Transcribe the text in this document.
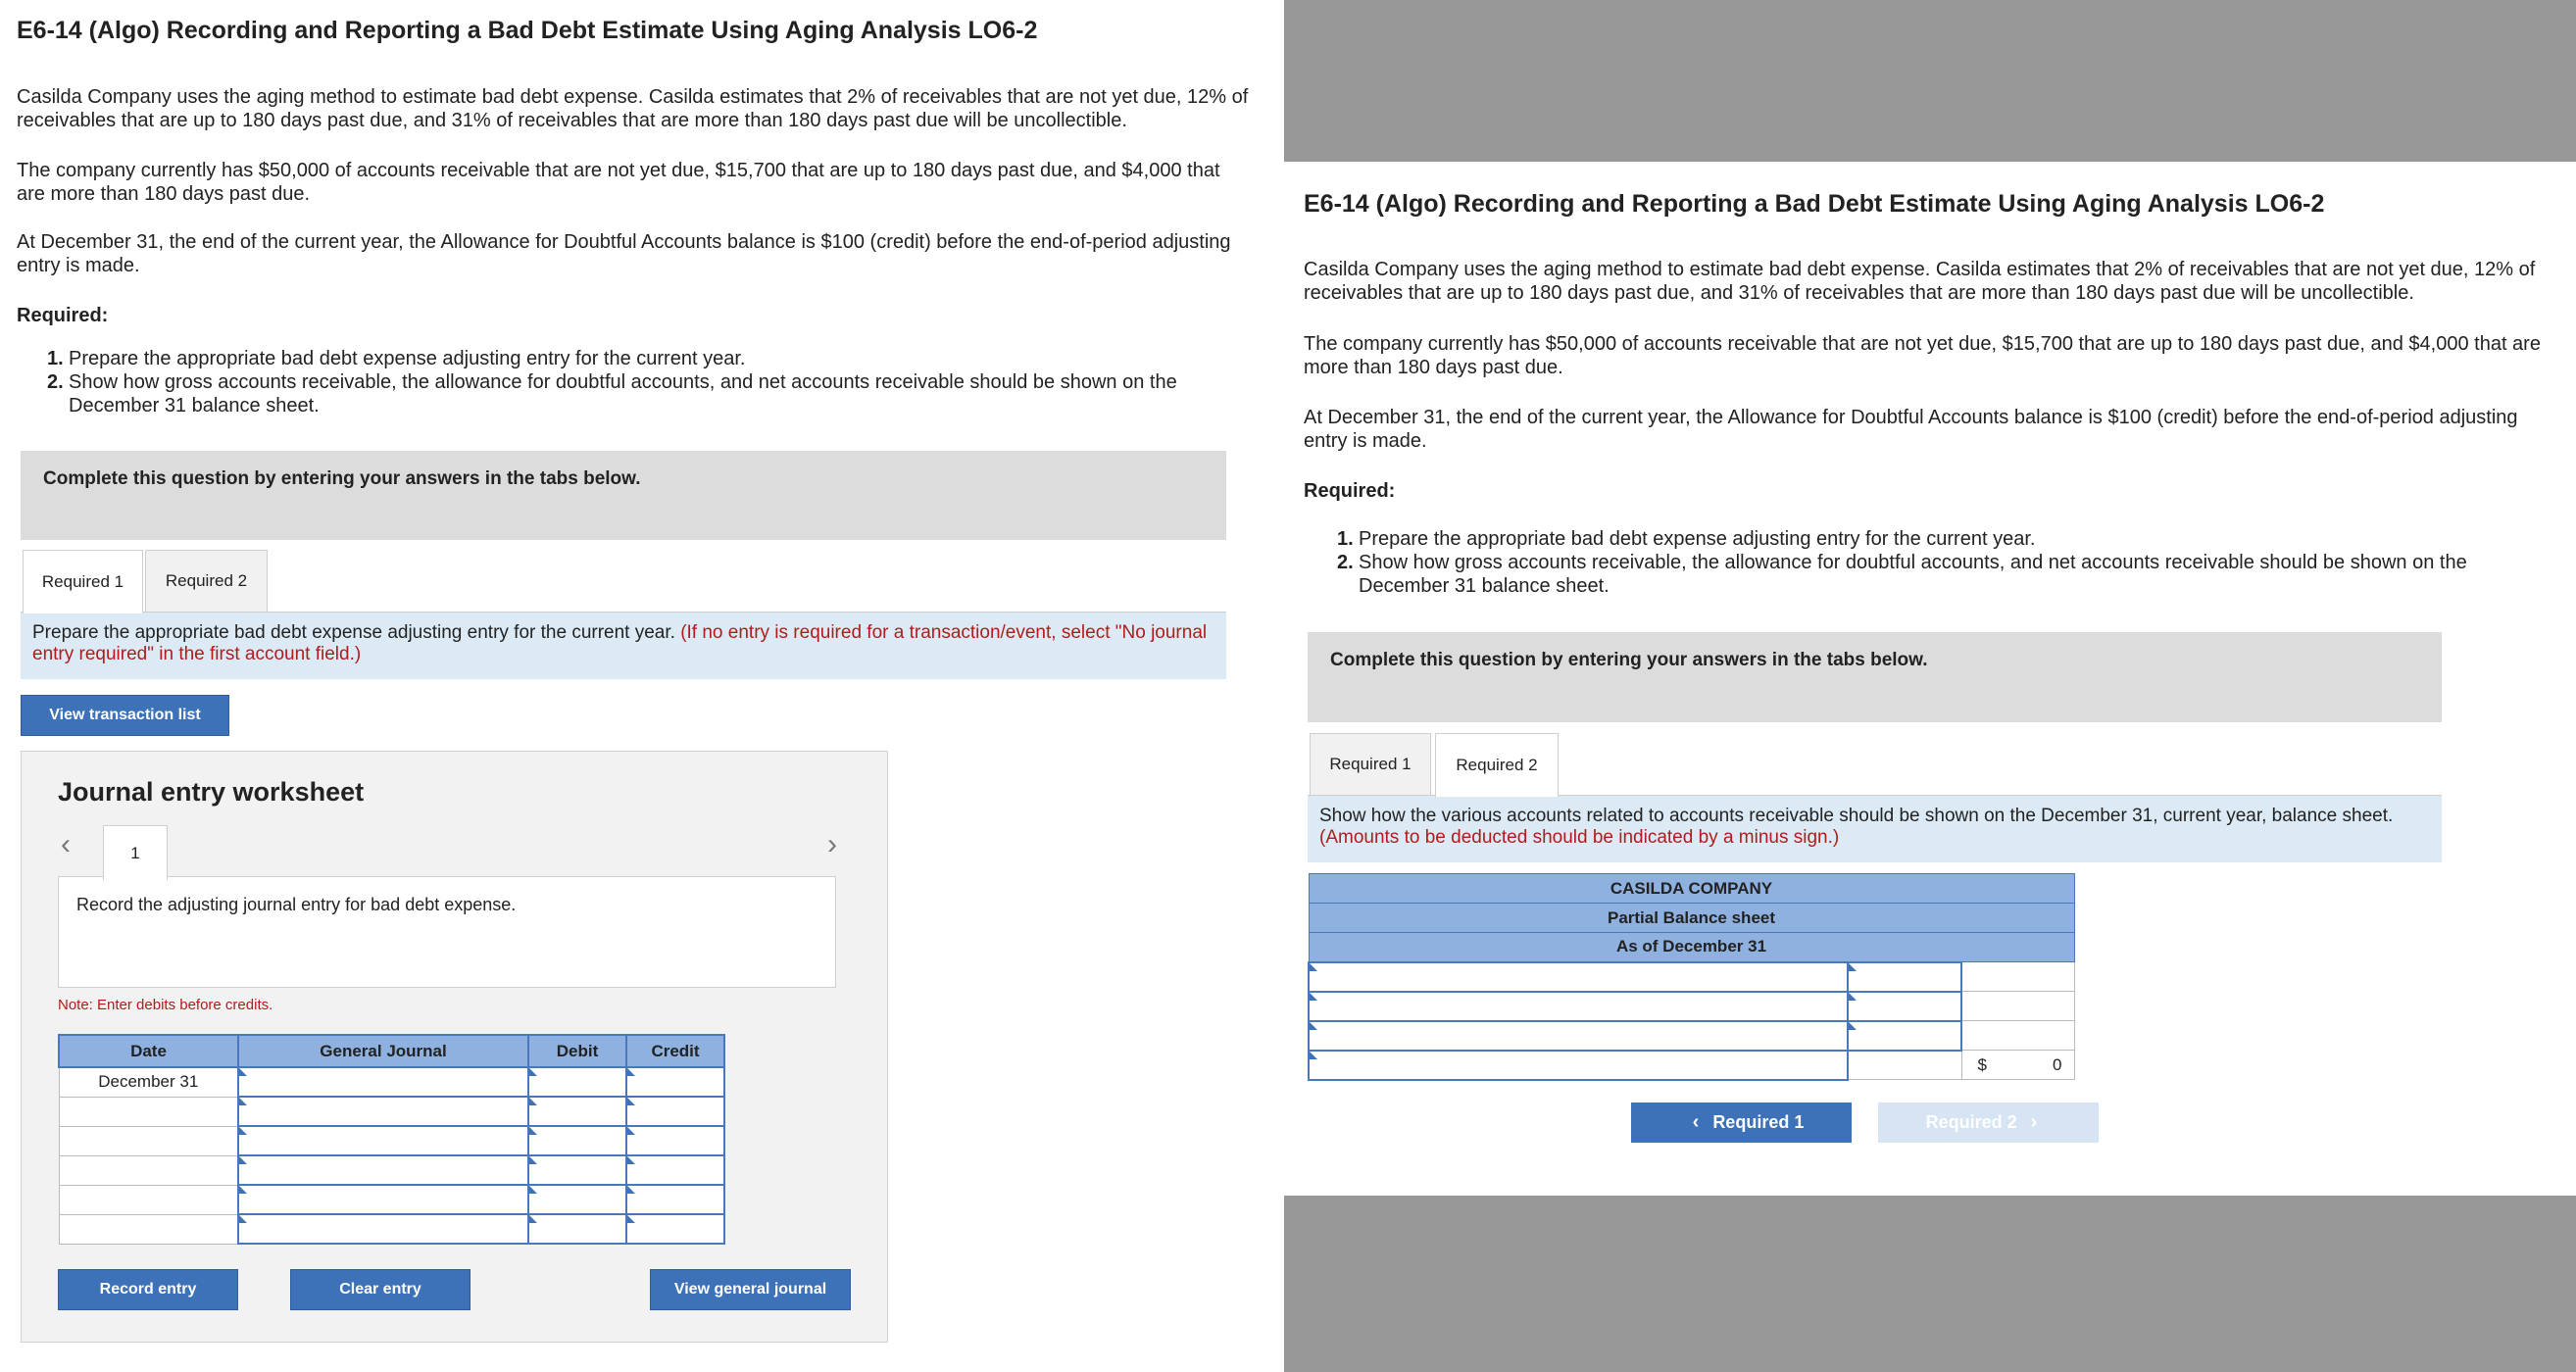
E6-14 (Algo) Recording and Reporting a Bad Debt Estimate Using Aging Analysis LO6-2
Casilda Company uses the aging method to estimate bad debt expense. Casilda estimates that 2% of receivables that are not yet due, 12% of receivables that are up to 180 days past due, and 31% of receivables that are more than 180 days past due will be uncollectible.
The company currently has $50,000 of accounts receivable that are not yet due, $15,700 that are up to 180 days past due, and $4,000 that are more than 180 days past due.
At December 31, the end of the current year, the Allowance for Doubtful Accounts balance is $100 (credit) before the end-of-period adjusting entry is made.
Required:
1. Prepare the appropriate bad debt expense adjusting entry for the current year.
2. Show how gross accounts receivable, the allowance for doubtful accounts, and net accounts receivable should be shown on the December 31 balance sheet.
Complete this question by entering your answers in the tabs below.
Required 1	Required 2
Prepare the appropriate bad debt expense adjusting entry for the current year. (If no entry is required for a transaction/event, select "No journal entry required" in the first account field.)
View transaction list
Journal entry worksheet
‹	›
1
Record the adjusting journal entry for bad debt expense.
Note: Enter debits before credits.
Date	General Journal	Debit	Credit
December 31			

Record entry	Clear entry	View general journal
E6-14 (Algo) Recording and Reporting a Bad Debt Estimate Using Aging Analysis LO6-2
Casilda Company uses the aging method to estimate bad debt expense. Casilda estimates that 2% of receivables that are not yet due, 12% of receivables that are up to 180 days past due, and 31% of receivables that are more than 180 days past due will be uncollectible.
The company currently has $50,000 of accounts receivable that are not yet due, $15,700 that are up to 180 days past due, and $4,000 that are more than 180 days past due.
At December 31, the end of the current year, the Allowance for Doubtful Accounts balance is $100 (credit) before the end-of-period adjusting entry is made.
Required:
1. Prepare the appropriate bad debt expense adjusting entry for the current year.
2. Show how gross accounts receivable, the allowance for doubtful accounts, and net accounts receivable should be shown on the December 31 balance sheet.
Complete this question by entering your answers in the tabs below.
Required 1	Required 2
Show how the various accounts related to accounts receivable should be shown on the December 31, current year, balance sheet. (Amounts to be deducted should be indicated by a minus sign.)
CASILDA COMPANY		
Partial Balance sheet		
As of December 31		

		$ 0
‹ Required 1	Required 2 ›
